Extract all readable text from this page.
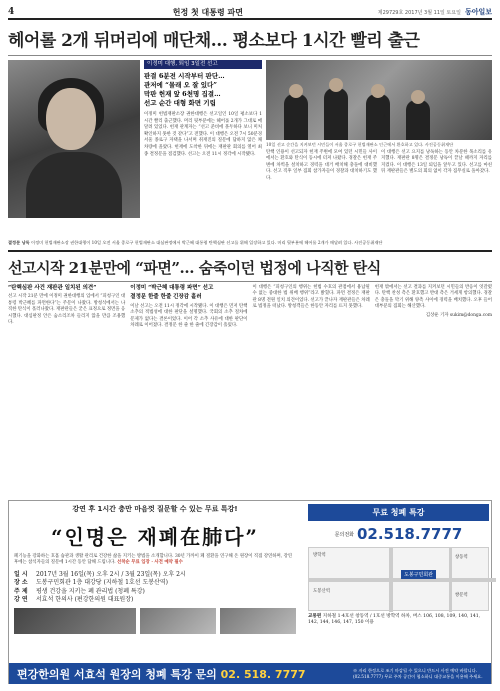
4	헌정 첫 대통령 파면	제29729호 2017년 3월 11일 토요일 동아일보
헤어롤 2개 뒤머리에 매단채… 평소보다 1시간 빨리 출근
이정미 대행, 퇴임 3일전 선고
판결 6분전 시작부터 판단…
관저에 “몰래 오 잘 있다”
막판 헌재 앞 6천명 집결…
선고 순간 대형 화면 기립

이정미 헌법재판소장 권한대행은 선고일인 10일 평소보다 1시간 빨리 출근했다. 머리 뒷부분에는 헤어롤 2개가 그대로 매달려 있었다. 헌재 관계자는 “선고 준비에 몰두하다 보니 미처 확인하지 못한 것 같다”고 전했다. 이 대행은 오전 7시 50분경 서울 종로구 자택을 나서며 취재진의 질문에 답하지 않은 채 차량에 올랐다. 헌재에 도착한 뒤에는 재판관 회의를 열어 최종 결정문을 점검했다. 선고는 오전 11시 정각에 시작됐다.

10일 선고 순간을 지켜보던 시민들이 서울 종로구 헌법재판소 인근에서 환호하고 있다. 사진공동취재단

탄핵 인용이 선고되자 헌재 주변에 모여 있던 시민들 사이에서는 환호와 탄식이 동시에 터져 나왔다. 경찰은 헌재 주변에 차벽을 설치하고 경력을 대거 배치해 충돌에 대비했다. 선고 직후 일부 집회 참가자들이 경찰과 대치하기도 했다.

이 대행은 선고 요지를 낭독하는 동안 차분한 목소리를 유지했다. 재판관 8명은 결정문 낭독이 끝날 때까지 자리를 지켰다. 이 대행은 13일 퇴임을 앞두고 있다. 선고를 마친 뒤 재판관들은 별도의 회의 없이 각자 집무실로 돌아갔다.

결정문 낭독 이정미 헌법재판소장 권한대행이 10일 오전 서울 종로구 헌법재판소 대심판정에서 박근혜 대통령 탄핵심판 선고를 위해 입장하고 있다. 머리 뒷부분에 헤어롤 2개가 매달려 있다. 사진공동취재단
선고시작 21분만에 “파면”… 숨죽이던 법정에 나직한 탄식
“탄핵심판 사건 재판관 일치된 의견”

선고 시작 21분 만에 이정미 권한대행의 입에서 “피청구인 대통령 박근혜를 파면한다”는 주문이 나왔다. 방청석에서는 나직한 탄식이 흘러나왔다. 재판관들은 굳은 표정으로 정면을 응시했다. 대심판정 안은 숨소리조차 들리지 않을 만큼 조용했다.

이정미 “박근혜 대통령 파면” 선고
결정문 한줄 한줄 긴장감 흘러

이날 선고는 오전 11시 정각에 시작됐다. 이 대행은 먼저 탄핵소추의 적법성에 대한 판단을 설명했다. 국회의 소추 절차에 문제가 없다는 결론이었다. 이어 각 소추 사유에 대한 판단이 차례로 이어졌다. 결정문 한 줄 한 줄에 긴장감이 흘렀다.

이 대행은 “피청구인의 행위는 헌법 수호의 관점에서 용납될 수 없는 중대한 법 위배 행위”라고 밝혔다. 파면 결정은 재판관 8명 전원 일치 의견이었다. 선고가 끝나자 재판관들은 차례로 법정을 떠났다. 방청객들은 한동안 자리를 뜨지 못했다.

헌재 밖에서는 선고 결과를 지켜보던 시민들의 반응이 엇갈렸다. 탄핵 찬성 측은 환호했고 반대 측은 거세게 항의했다. 경찰은 충돌을 막기 위해 양측 사이에 경력을 배치했다. 오후 들어 대부분의 집회는 해산했다.

김상운 기자 sukim@donga.com

강연 후 1시간 충만 마음껏 질문할 수 있는 무료 특강!
“인명은 재폐在肺다”

폐기능을 강화하는 호흡 습관과 생활 관리로 건강한 삶을 지키는 방법을 소개합니다. 30년 가까이 폐 질환을 연구해 온 원장이 직접 강연하며, 강연 후에는 참석자들의 질문에 1시간 동안 답해 드립니다. 선착순 무료 입장 · 사전 예약 필수

일 시	2017년 3월 16일(목) 오후 2시 / 3월 23일(목) 오후 2시
장 소	도봉구민회관 1층 대강당 (지하철 1호선 도봉산역)
주 제	평생 건강을 지키는 폐 관리법 (청폐 특강)
강 연	서효석 한의사 (편강한의원 대표원장)
무료 청폐 특강
문의전화 02.518.7777
도봉구민회관
방학역
도봉산역
창동역
쌍문역
교통편 지하철 1·4호선 창동역 / 1호선 방학역 하차, 버스 106, 108, 109, 140, 141, 142, 144, 146, 147, 150 이용
편강한의원 서효석 원장의 청폐 특강 문의 02. 518. 7777	※ 자리 한정으로 조기 마감될 수 있으니 반드시 사전 예약 바랍니다. (02.518.7777) 무료 주차 공간이 협소하니 대중교통을 이용해 주세요.
